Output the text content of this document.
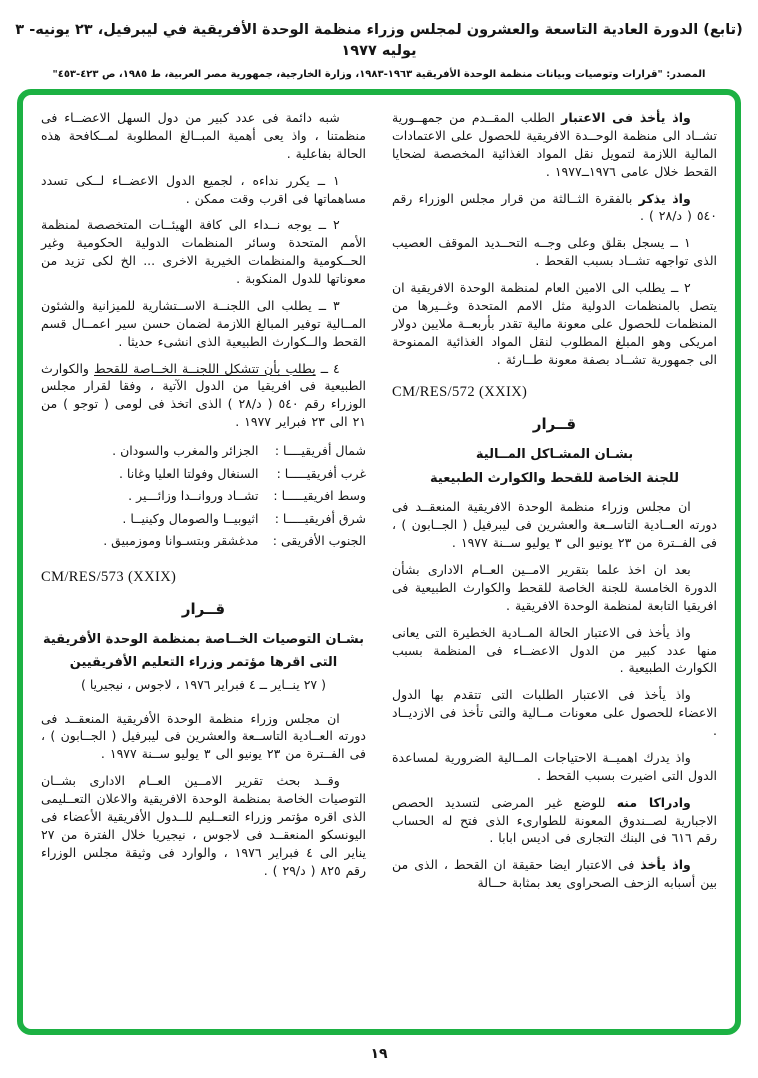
(تابع) الدورة العادية التاسعة والعشرون لمجلس وزراء منظمة الوحدة الأفريقية في ليبرفيل، ٢٣ يونيه- ٣ يوليه ١٩٧٧
المصدر: "قرارات وتوصيات وبيانات منظمة الوحدة الأفريقية ١٩٦٣-١٩٨٣، وزارة الخارجية، جمهورية مصر العربية، ط ١٩٨٥، ص ٤٢٣-٤٥٣"

واذ يأخذ فى الاعتبار الطلب المقــدم من جمهــورية تشــاد الى منظمة الوحــدة الافريقية للحصول على الاعتمادات المالية اللازمة لتمويل نقل المواد الغذائية المخصصة لضحايا القحط خلال عامى ١٩٧٦ــ١٩٧٧ .

واذ يذكر بالفقرة الثــالثة من قرار مجلس الوزراء رقم ٥٤٠ ( د/٢٨ ) .

١ ــ يسجل بقلق وعلى وجــه التحــديد الموقف العصيب الذى تواجهه تشــاد بسبب القحط .

٢ ــ يطلب الى الامين العام لمنظمة الوحدة الافريقية ان يتصل بالمنظمات الدولية مثل الامم المتحدة وغــيرها من المنظمات للحصول على معونة مالية تقدر بأربعــة ملايين دولار امريكى وهو المبلغ المطلوب لنقل المواد الغذائية الممنوحة الى جمهورية تشــاد بصفة معونة طــارئة .

CM/RES/572 (XXIX)
قــرار
بشـان المشـاكل المــالية
للجنة الخاصة للقحط والكوارث الطبيعية

ان مجلس وزراء منظمة الوحدة الافريقية المنعقــد فى دورته العــادية التاســعة والعشرين فى ليبرفيل ( الجــابون ) ، فى الفــترة من ٢٣ يونيو الى ٣ يوليو ســنة ١٩٧٧ .

بعد ان اخذ علما بتقرير الامــين العــام الادارى بشأن الدورة الخامسة للجنة الخاصة للقحط والكوارث الطبيعية فى افريقيا التابعة لمنظمة الوحدة الافريقية .

واذ يأخذ فى الاعتبار الحالة المــادية الخطيرة التى يعانى منها عدد كبير من الدول الاعضــاء فى المنظمة بسبب الكوارث الطبيعية .

واذ يأخذ فى الاعتبار الطلبات التى تتقدم بها الدول الاعضاء للحصول على معونات مــالية والتى تأخذ فى الازديــاد .

واذ يدرك اهميــة الاحتياجات المــالية الضرورية لمساعدة الدول التى اضيرت بسبب القحط .

وادراكا منه للوضع غير المرضى لتسديد الحصص الاجبارية لصــندوق المعونة للطوارىء الذى فتح له الحساب رقم ٦١٦ فى البنك التجارى فى اديس ابابا .

واذ يأخذ فى الاعتبار ايضا حقيقة ان القحط ، الذى من بين أسبابه الزحف الصحراوى يعد بمثابة حــالة

شبه دائمة فى عدد كبير من دول السهل الاعضــاء فى منظمتنا ، واذ يعى أهمية المبــالغ المطلوبة لمــكافحة هذه الحالة بفاعلية .

١ ــ يكرر نداءه ، لجميع الدول الاعضــاء لــكى تسدد مساهماتها فى اقرب وقت ممكن .

٢ ــ يوجه نــداء الى كافة الهيئــات المتخصصة لمنظمة الأمم المتحدة وسائر المنظمات الدولية الحكومية وغير الحــكومية والمنظمات الخيرية الاخرى ... الخ لكى تزيد من معوناتها للدول المنكوبة .

٣ ــ يطلب الى اللجنــة الاســتشارية للميزانية والشئون المــالية توفير المبالغ اللازمة لضمان حسن سير اعمــال قسم القحط والــكوارث الطبيعية الذى انشىء حديثا .

٤ ــ يطلب بأن تتشكل اللجنــة الخــاصة للقحط والكوارث الطبيعية فى افريقيا من الدول الآتية ، وفقا لقرار مجلس الوزراء رقم ٥٤٠ ( د/٢٨ ) الذى اتخذ فى لومى ( توجو ) من ٢١ الى ٢٣ فبراير ١٩٧٧ .

شمال أفريقيــــا :
الجزائر والمغرب والسودان .
غرب أفريقيـــــا :
السنغال وفولتا العليا وغانا .
وسط افريقيـــــا :
تشــاد وروانــدا وزائـــير .
شرق أفريقيـــــا :
اثيوبيــا والصومال وكينيــا .
الجنوب الأفريقى :
مدغشقر وبتسـوانا وموزمبيق .
CM/RES/573 (XXIX)
قــرار
بشـان التوصيات الخــاصة بمنظمة الوحدة الأفريقية
التى اقرها مؤتمر وزراء التعليم الأفريقيين
( ٢٧ ينــاير ــ ٤ فبراير ١٩٧٦ ، لاجوس ، نيجيريا )

ان مجلس وزراء منظمة الوحدة الأفريقية المنعقــد فى دورته العــادية التاســعة والعشرين فى ليبرفيل ( الجــابون ) ، فى الفــترة من ٢٣ يونيو الى ٣ يوليو ســنة ١٩٧٧ .

وقــد بحث تقرير الامــين العــام الادارى بشــان التوصيات الخاصة بمنظمة الوحدة الافريقية والاعلان التعــليمى الذى اقره مؤتمر وزراء التعــليم للــدول الأفريقية الأعضاء فى اليونسكو المنعقــد فى لاجوس ، نيجيريا خلال الفترة من ٢٧ يناير الى ٤ فبراير ١٩٧٦ ، والوارد فى وثيقة مجلس الوزراء رقم ٨٢٥ ( د/٢٩ ) .

١٩
